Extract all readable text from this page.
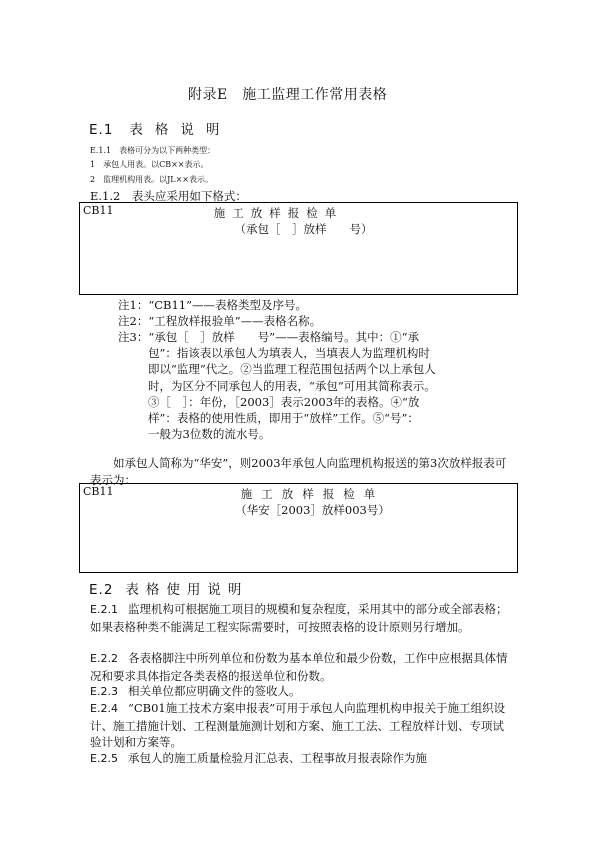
附录E　施工监理工作常用表格
E.1 表格说明
E.1.1　表格可分为以下两种类型：
1　承包人用表。以CB××表示。
2　监理机构用表。以JL××表示。
E.1.2　表头应采用如下格式：
CB11	施工放样报检单
（承包［　］放样　　号）
注1：“CB11”——表格类型及序号。
注2：“工程放样报验单”——表格名称。
注3：“承包［　］放样　　号”——表格编号。其中：①“承
包”：指该表以承包人为填表人，当填表人为监理机构时
即以“监理”代之。②当监理工程范围包括两个以上承包人
时，为区分不同承包人的用表，“承包”可用其简称表示。
③［　］：年份，［2003］表示2003年的表格。④“放
样”：表格的使用性质，即用于“放样”工作。⑤“号”：
一般为3位数的流水号。
如承包人简称为“华安”，则2003年承包人向监理机构报送的第3次放样报表可表示为：
CB11	施工放样报检单
（华安［2003］放样003号）
E.2 表格使用说明
E.2.1 监理机构可根据施工项目的规模和复杂程度，采用其中的部分或全部表格；如果表格种类不能满足工程实际需要时，可按照表格的设计原则另行增加。
E.2.2 各表格脚注中所列单位和份数为基本单位和最少份数，工作中应根据具体情况和要求具体指定各类表格的报送单位和份数。
E.2.3 相关单位都应明确文件的签收人。
E.2.4 “CB01施工技术方案申报表”可用于承包人向监理机构申报关于施工组织设计、施工措施计划、工程测量施测计划和方案、施工工法、工程放样计划、专项试验计划和方案等。
E.2.5 承包人的施工质量检验月汇总表、工程事故月报表除作为施
